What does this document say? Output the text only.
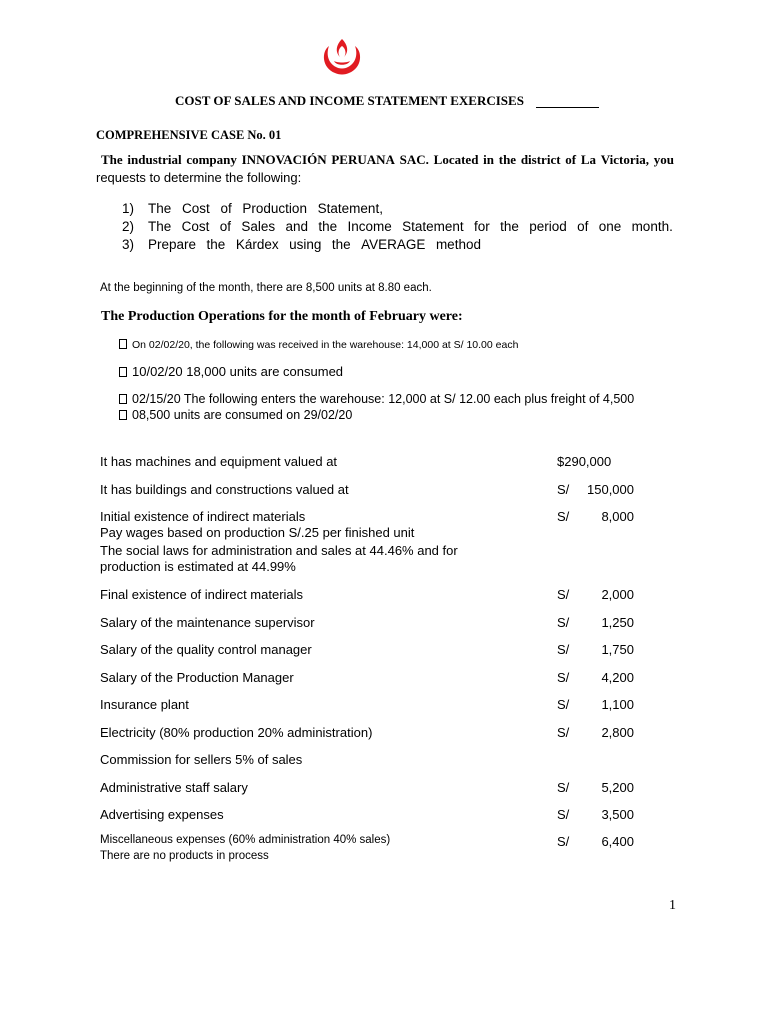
COST OF SALES AND INCOME STATEMENT EXERCISES
COMPREHENSIVE CASE No. 01
The industrial company INNOVACIÓN PERUANA SAC. Located in the district of La Victoria, you
requests to determine the following:
1) The Cost of Production Statement,
2) The Cost of Sales and the Income Statement for the period of one month.
3) Prepare the Kárdex using the AVERAGE method
At the beginning of the month, there are 8,500 units at 8.80 each.
The Production Operations for the month of February were:
On 02/02/20, the following was received in the warehouse: 14,000 at S/ 10.00 each
10/02/20 18,000 units are consumed
02/15/20 The following enters the warehouse: 12,000 at S/ 12.00 each plus freight of 4,500
08,500 units are consumed on 29/02/20
It has machines and equipment valued at	$290,000
It has buildings and constructions valued at	S/ 150,000
Initial existence of indirect materials	S/ 8,000
Pay wages based on production S/.25 per finished unit
The social laws for administration and sales at 44.46% and for
production is estimated at 44.99%
Final existence of indirect materials	S/ 2,000
Salary of the maintenance supervisor	S/ 1,250
Salary of the quality control manager	S/ 1,750
Salary of the Production Manager	S/ 4,200
Insurance plant	S/ 1,100
Electricity (80% production 20% administration)	S/ 2,800
Commission for sellers 5% of sales
Administrative staff salary	S/ 5,200
Advertising expenses	S/ 3,500
Miscellaneous expenses (60% administration 40% sales)	S/ 6,400
There are no products in process
1
